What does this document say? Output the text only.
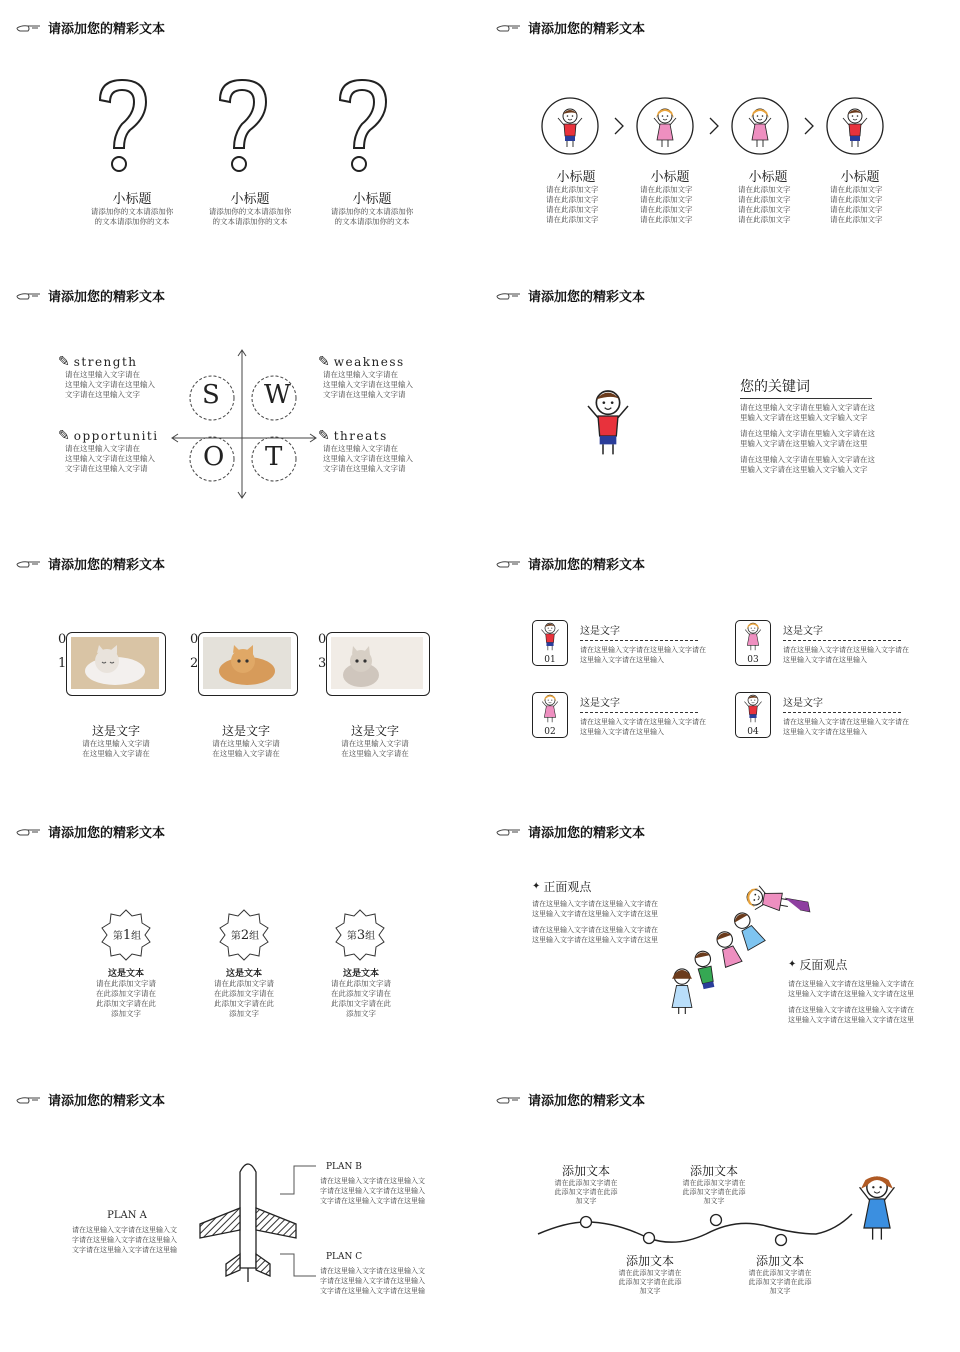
请添加您的精彩文本
小标题
请添加你的文本请添加你
的文本请添加你的文本
小标题
请添加你的文本请添加你
的文本请添加你的文本
小标题
请添加你的文本请添加你
的文本请添加你的文本
请添加您的精彩文本
小标题
请在此添加文字
请在此添加文字
请在此添加文字
请在此添加文字
小标题
请在此添加文字
请在此添加文字
请在此添加文字
请在此添加文字
小标题
请在此添加文字
请在此添加文字
请在此添加文字
请在此添加文字
小标题
请在此添加文字
请在此添加文字
请在此添加文字
请在此添加文字
请添加您的精彩文本
S W
O T
✎ strength
请在这里输入文字请在
这里输入文字请在这里输入
文字请在这里输入文字
✎ weakness
请在这里输入文字请在
这里输入文字请在这里输入
文字请在这里输入文字请
✎ opportuniti
请在这里输入文字请在
这里输入文字请在这里输入
文字请在这里输入文字请
✎ threats
请在这里输入文字请在
这里输入文字请在这里输入
文字请在这里输入文字请
请添加您的精彩文本
您的关键词
请在这里输入文字请在里输入文字请在这
里输入文字请在这里输入文字输入文字
请在这里输入文字请在里输入文字请在这
里输入文字请在这里输入文字请在这里
请在这里输入文字请在里输入文字请在这
里输入文字请在这里输入文字输入文字
请添加您的精彩文本
0
1
0
2
0
3
这是文字
请在这里输入文字请
在这里输入文字请在
这是文字
请在这里输入文字请
在这里输入文字请在
这是文字
请在这里输入文字请
在这里输入文字请在
请添加您的精彩文本
01
这是文字
请在这里输入文字请在这里输入文字请在
这里输入文字请在这里输入	03
这是文字
请在这里输入文字请在这里输入文字请在
这里输入文字请在这里输入
02
这是文字
请在这里输入文字请在这里输入文字请在
这里输入文字请在这里输入	04
这是文字
请在这里输入文字请在这里输入文字请在
这里输入文字请在这里输入
请添加您的精彩文本
第1组	第2组	第3组
这是文本
请在此添加文字请
在此添加文字请在
此添加文字请在此
添加文字
这是文本
请在此添加文字请
在此添加文字请在
此添加文字请在此
添加文字
这是文本
请在此添加文字请
在此添加文字请在
此添加文字请在此
添加文字
请添加您的精彩文本
✦ 正面观点
请在这里输入文字请在这里输入文字请在
这里输入文字请在这里输入文字请在这里
请在这里输入文字请在这里输入文字请在
这里输入文字请在这里输入文字请在这里
✦ 反面观点
请在这里输入文字请在这里输入文字请在
这里输入文字请在这里输入文字请在这里
请在这里输入文字请在这里输入文字请在
这里输入文字请在这里输入文字请在这里
请添加您的精彩文本
PLAN A
请在这里输入文字请在这里输入文
字请在这里输入文字请在这里输入
文字请在这里输入文字请在这里输
PLAN B
请在这里输入文字请在这里输入文
字请在这里输入文字请在这里输入
文字请在这里输入文字请在这里输
PLAN C
请在这里输入文字请在这里输入文
字请在这里输入文字请在这里输入
文字请在这里输入文字请在这里输
请添加您的精彩文本
添加文本
请在此添加文字请在
此添加文字请在此添
加文字
添加文本
请在此添加文字请在
此添加文字请在此添
加文字
添加文本
请在此添加文字请在
此添加文字请在此添
加文字
添加文本
请在此添加文字请在
此添加文字请在此添
加文字
